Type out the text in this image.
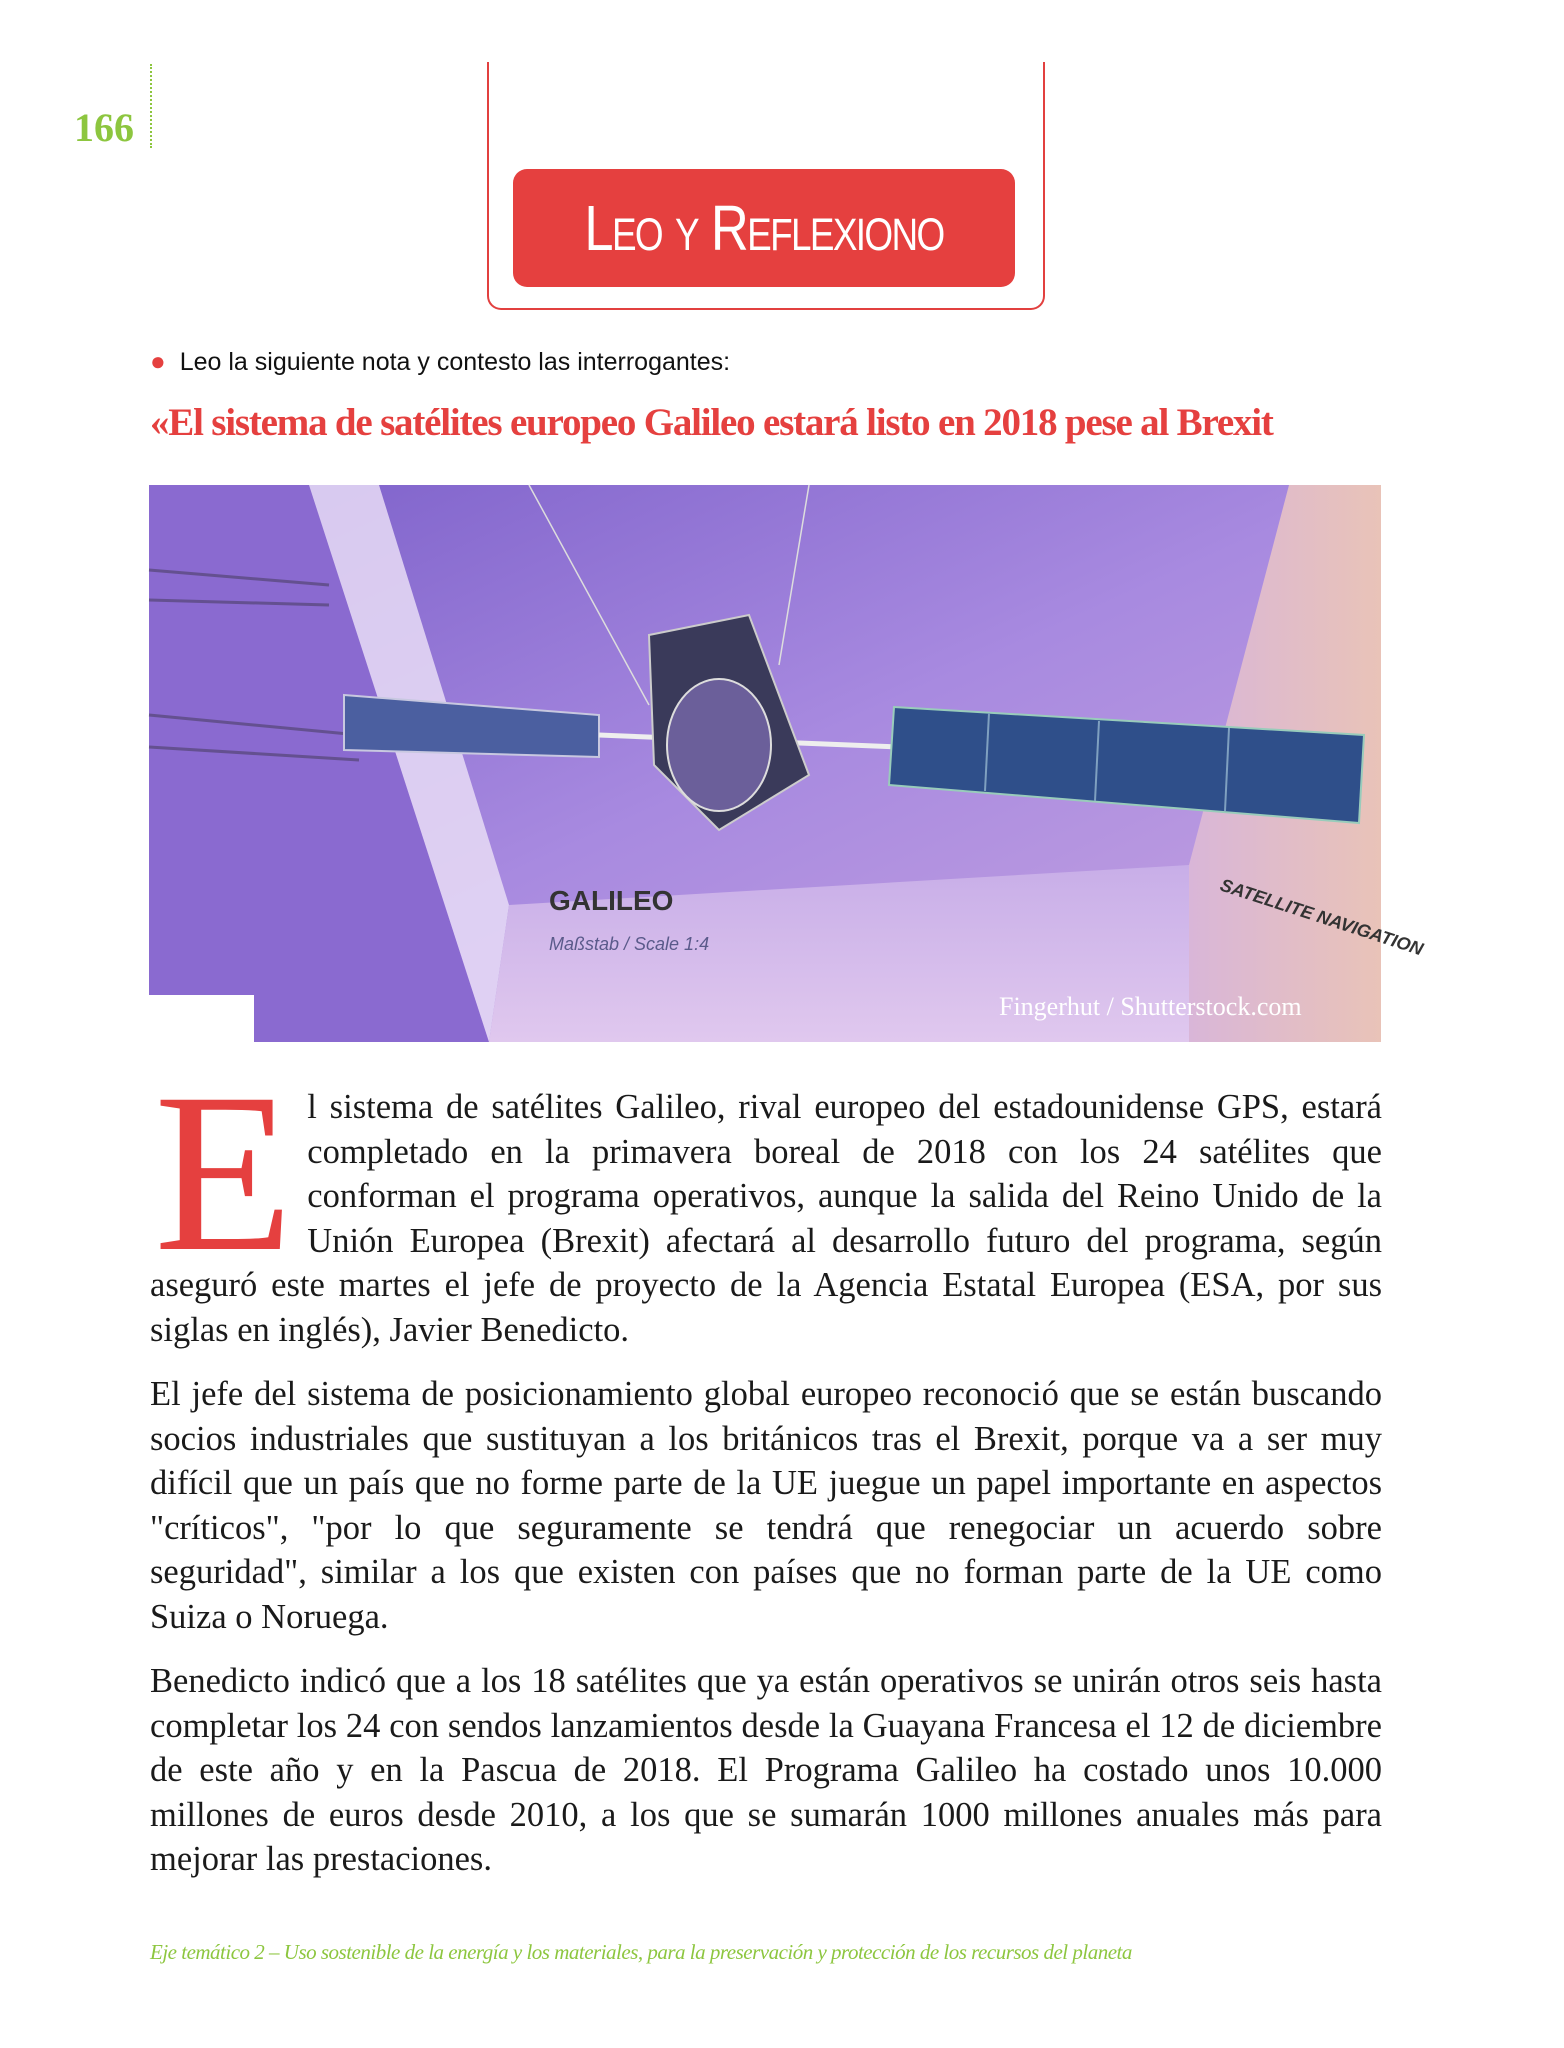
166
Leo y Reflexiono
● Leo la siguiente nota y contesto las interrogantes:
«El sistema de satélites europeo Galileo estará listo en 2018 pese al Brexit
GALILEO
Maßstab / Scale 1:4	SATELLITE NAVIGATION
Fingerhut / Shutterstock.com

El sistema de satélites Galileo, rival europeo del estadounidense GPS, estará completado en la primavera boreal de 2018 con los 24 satélites que conforman el programa operativos, aunque la salida del Reino Unido de la Unión Europea (Brexit) afectará al desarrollo futuro del programa, según aseguró este martes el jefe de proyecto de la Agencia Estatal Europea (ESA, por sus siglas en inglés), Javier Benedicto.

El jefe del sistema de posicionamiento global europeo reconoció que se están buscando socios industriales que sustituyan a los británicos tras el Brexit, porque va a ser muy difícil que un país que no forme parte de la UE juegue un papel importante en aspectos "críticos", "por lo que seguramente se tendrá que renegociar un acuerdo sobre seguridad", similar a los que existen con países que no forman parte de la UE como Suiza o Noruega.

Benedicto indicó que a los 18 satélites que ya están operativos se unirán otros seis hasta completar los 24 con sendos lanzamientos desde la Guayana Francesa el 12 de diciembre de este año y en la Pascua de 2018. El Programa Galileo ha costado unos 10.000 millones de euros desde 2010, a los que se sumarán 1000 millones anuales más para mejorar las prestaciones.

Eje temático 2 – Uso sostenible de la energía y los materiales, para la preservación y protección de los recursos del planeta
